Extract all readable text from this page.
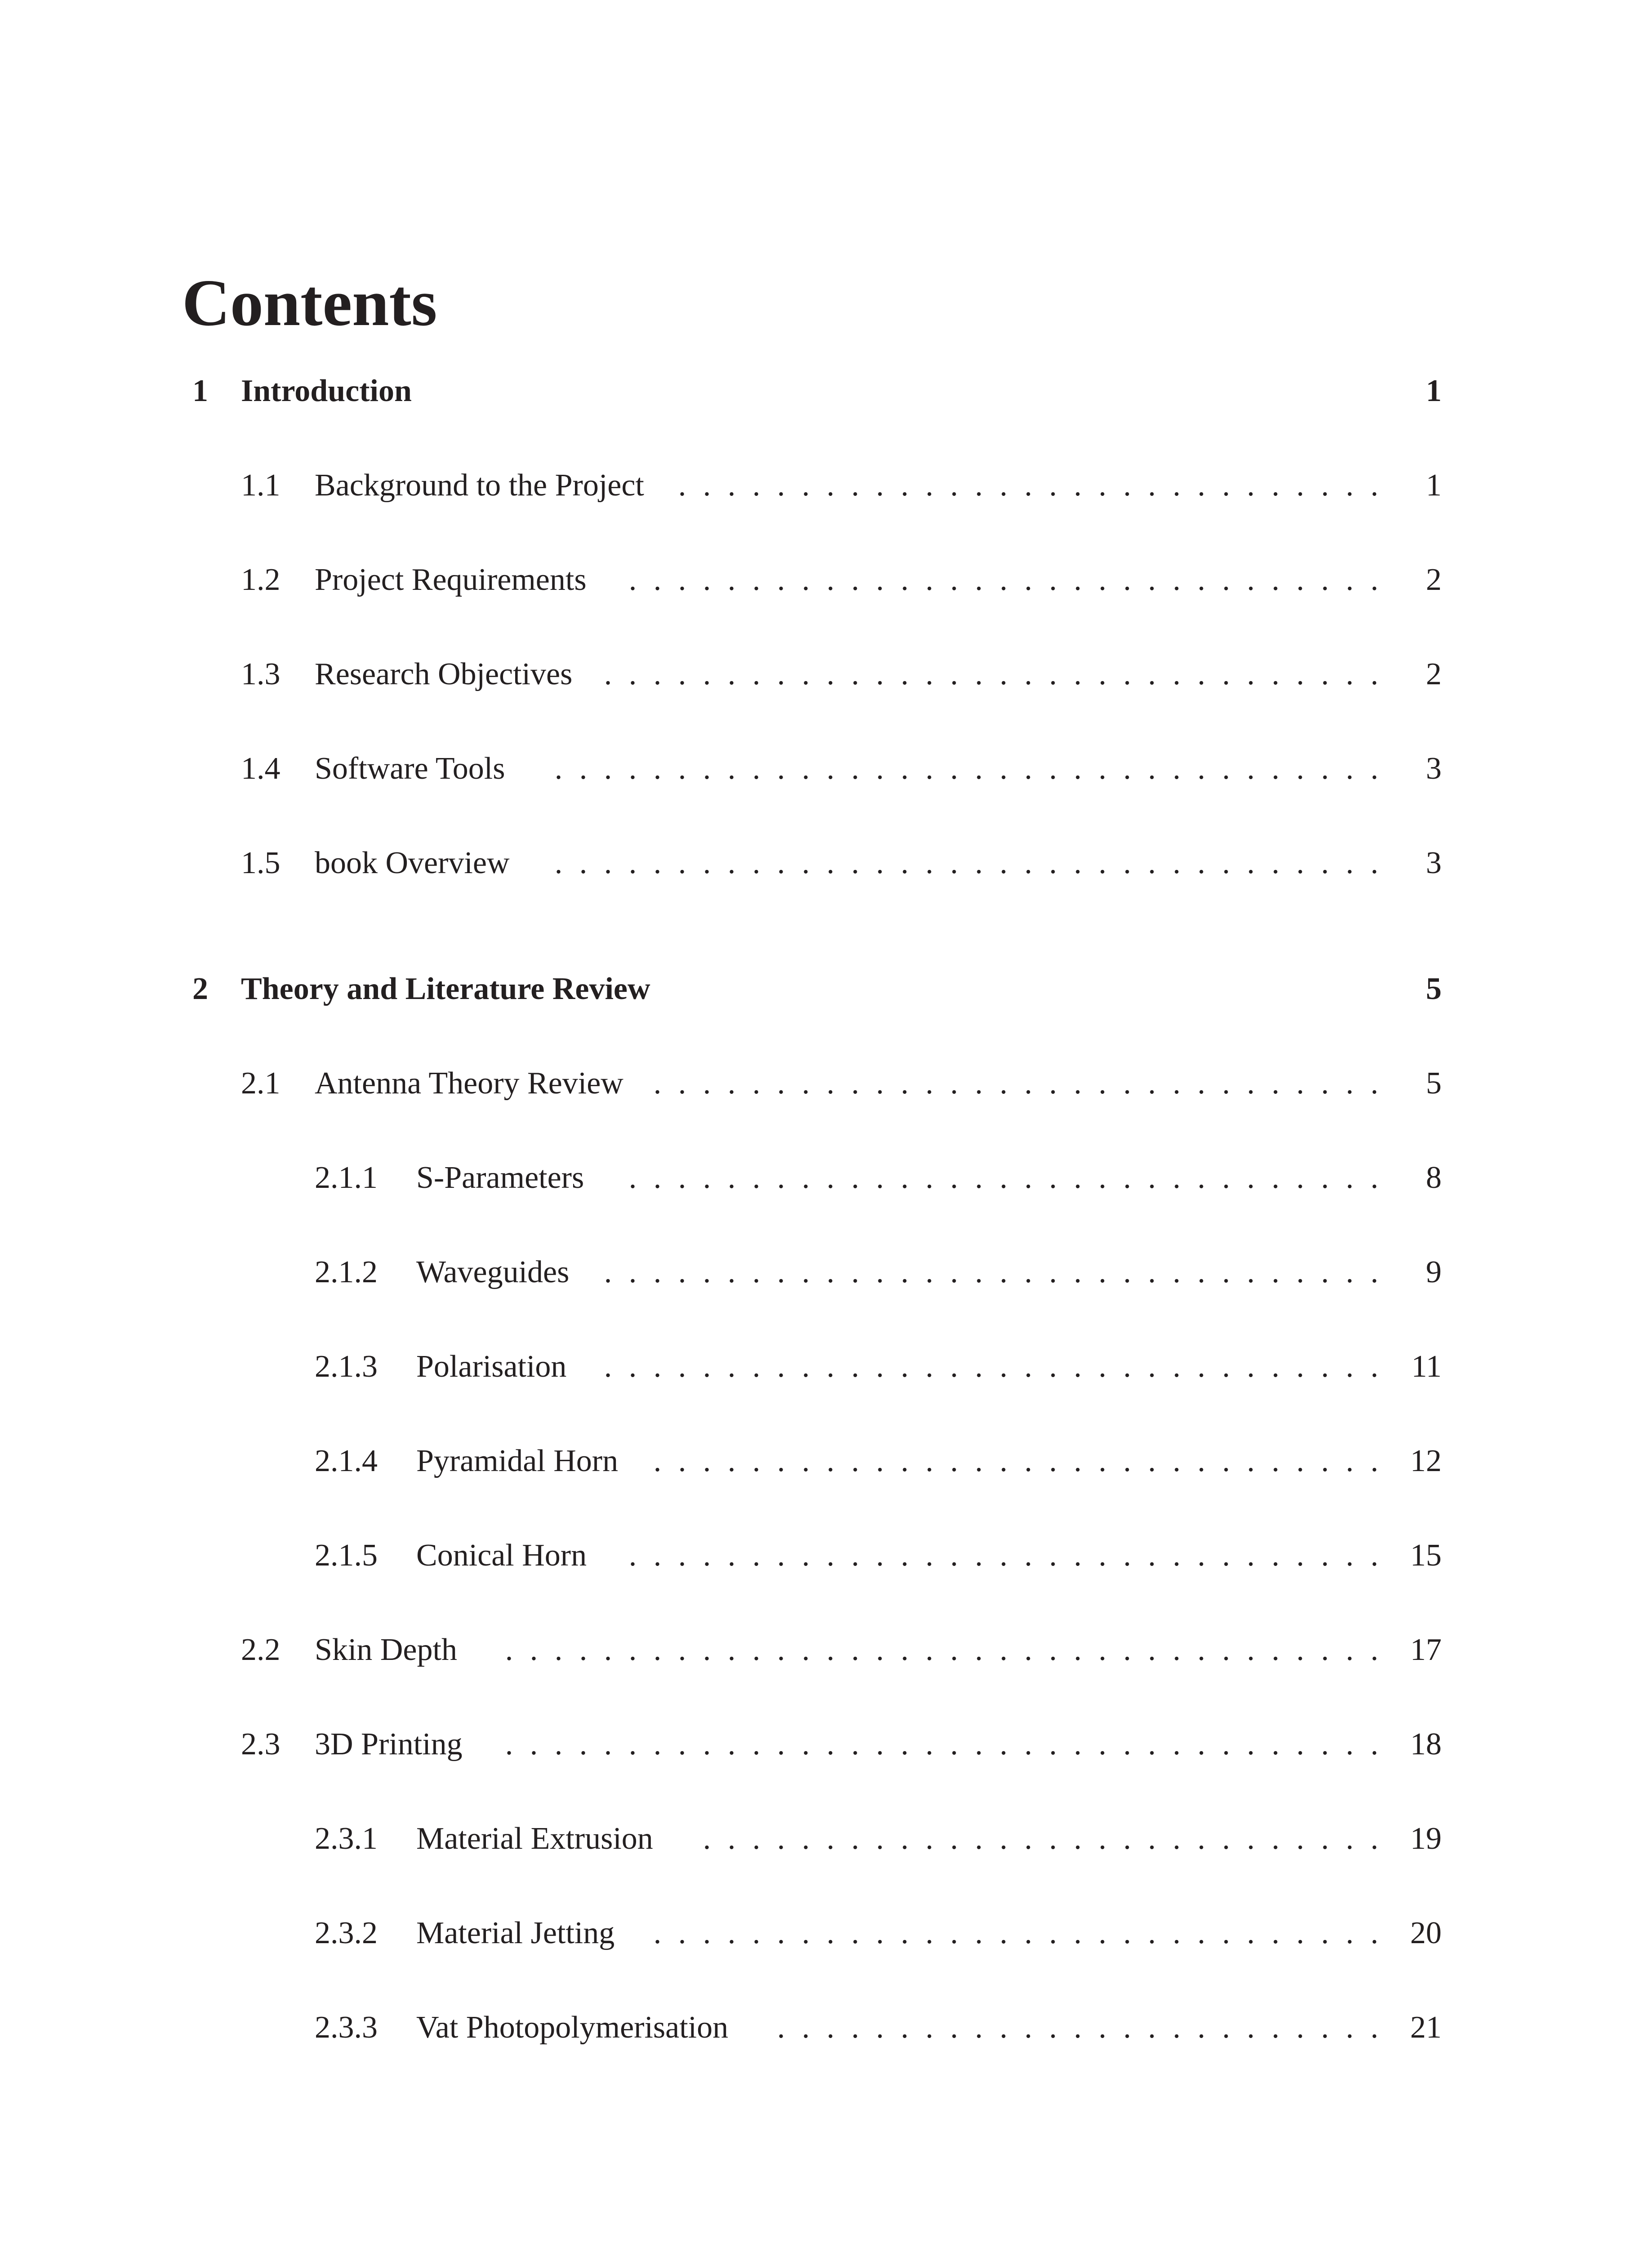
Contents
1 Introduction	1
1.1 Background to the Project	1
. . . . . . . . . . . . . . . . . . . . . . . . . . . . .
1.2 Project Requirements	2
. . . . . . . . . . . . . . . . . . . . . . . . . . . . . . .
1.3 Research Objectives	2
. . . . . . . . . . . . . . . . . . . . . . . . . . . . . . . .
1.4 Software Tools	3
. . . . . . . . . . . . . . . . . . . . . . . . . . . . . . . . . .
1.5 book Overview	3
. . . . . . . . . . . . . . . . . . . . . . . . . . . . . . . . . .
2 Theory and Literature Review	5
2.1 Antenna Theory Review	5
. . . . . . . . . . . . . . . . . . . . . . . . . . . . . .
2.1.1 S-Parameters	8
. . . . . . . . . . . . . . . . . . . . . . . . . . . . . . .
2.1.2 Waveguides	9
. . . . . . . . . . . . . . . . . . . . . . . . . . . . . . . .
2.1.3 Polarisation	11
. . . . . . . . . . . . . . . . . . . . . . . . . . . . . . . .
2.1.4 Pyramidal Horn	12
. . . . . . . . . . . . . . . . . . . . . . . . . . . . . .
2.1.5 Conical Horn	15
. . . . . . . . . . . . . . . . . . . . . . . . . . . . . . .
2.2 Skin Depth	17
. . . . . . . . . . . . . . . . . . . . . . . . . . . . . . . . . . . .
2.3 3D Printing	18
. . . . . . . . . . . . . . . . . . . . . . . . . . . . . . . . . . . .
2.3.1 Material Extrusion	19
. . . . . . . . . . . . . . . . . . . . . . . . . . . .
2.3.2 Material Jetting	20
. . . . . . . . . . . . . . . . . . . . . . . . . . . . . .
2.3.3 Vat Photopolymerisation	21
. . . . . . . . . . . . . . . . . . . . . . . . .
